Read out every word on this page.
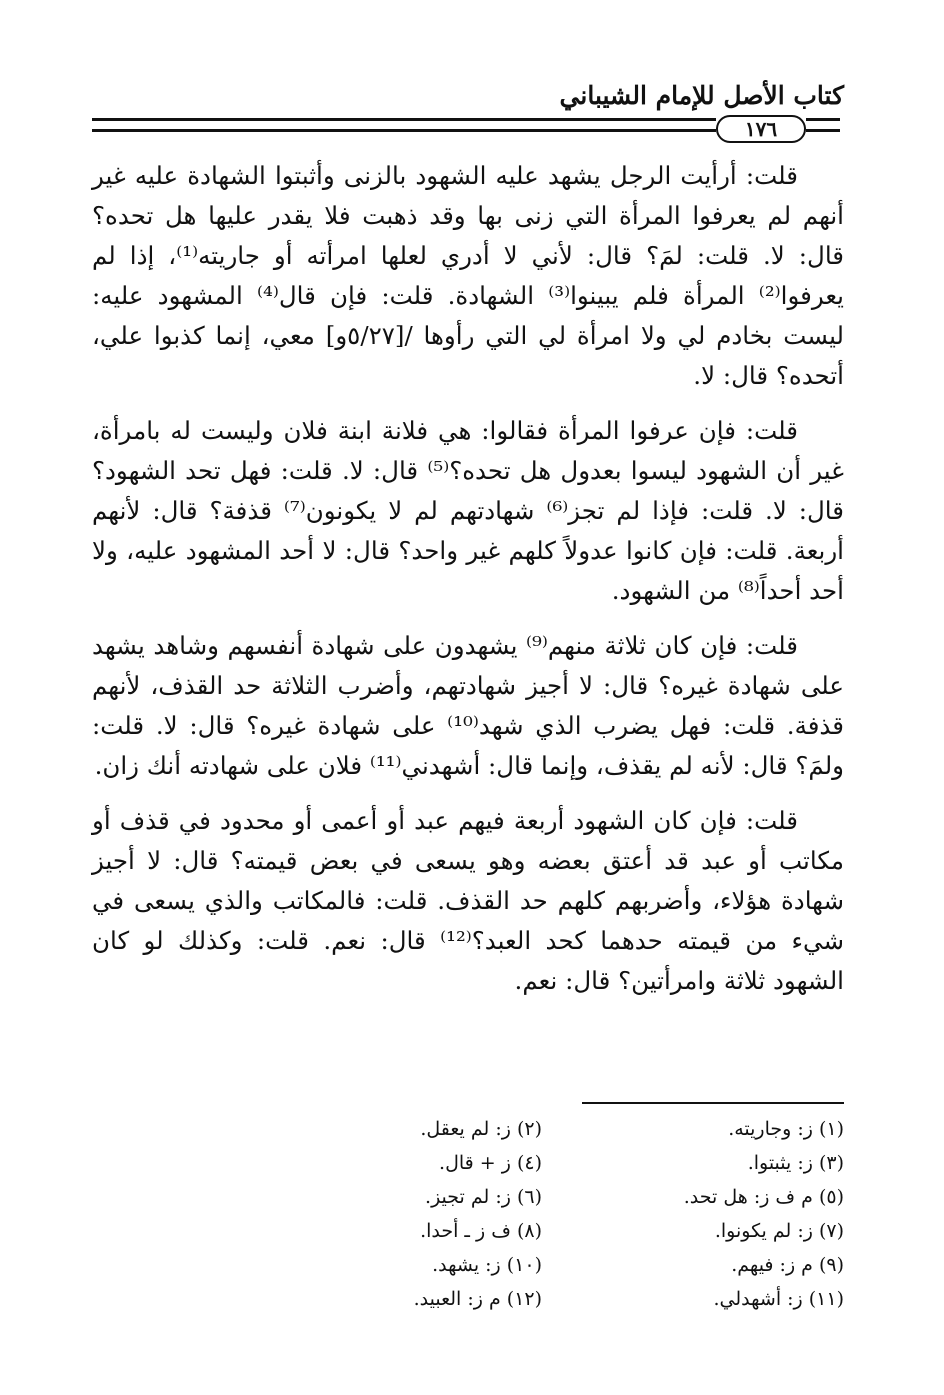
كتاب الأصل للإمام الشيباني
١٧٦

قلت: أرأيت الرجل يشهد عليه الشهود بالزنى وأثبتوا الشهادة عليه غير أنهم لم يعرفوا المرأة التي زنى بها وقد ذهبت فلا يقدر عليها هل تحده؟ قال: لا. قلت: لمَ؟ قال: لأني لا أدري لعلها امرأته أو جاريته⁽¹⁾، إذا لم يعرفوا⁽²⁾ المرأة فلم يبينوا⁽³⁾ الشهادة. قلت: فإن قال⁽⁴⁾ المشهود عليه: ليست بخادم لي ولا امرأة لي التي رأوها /[٥/٢٧و] معي، إنما كذبوا علي، أتحده؟ قال: لا.

قلت: فإن عرفوا المرأة فقالوا: هي فلانة ابنة فلان وليست له بامرأة، غير أن الشهود ليسوا بعدول هل تحده؟⁽⁵⁾ قال: لا. قلت: فهل تحد الشهود؟ قال: لا. قلت: فإذا لم تجز⁽⁶⁾ شهادتهم لم لا يكونون⁽⁷⁾ قذفة؟ قال: لأنهم أربعة. قلت: فإن كانوا عدولاً كلهم غير واحد؟ قال: لا أحد المشهود عليه، ولا أحد أحداً⁽⁸⁾ من الشهود.

قلت: فإن كان ثلاثة منهم⁽⁹⁾ يشهدون على شهادة أنفسهم وشاهد يشهد على شهادة غيره؟ قال: لا أجيز شهادتهم، وأضرب الثلاثة حد القذف، لأنهم قذفة. قلت: فهل يضرب الذي شهد⁽¹⁰⁾ على شهادة غيره؟ قال: لا. قلت: ولمَ؟ قال: لأنه لم يقذف، وإنما قال: أشهدني⁽¹¹⁾ فلان على شهادته أنك زان.

قلت: فإن كان الشهود أربعة فيهم عبد أو أعمى أو محدود في قذف أو مكاتب أو عبد قد أعتق بعضه وهو يسعى في بعض قيمته؟ قال: لا أجيز شهادة هؤلاء، وأضربهم كلهم حد القذف. قلت: فالمكاتب والذي يسعى في شيء من قيمته حدهما كحد العبد؟⁽¹²⁾ قال: نعم. قلت: وكذلك لو كان الشهود ثلاثة وامرأتين؟ قال: نعم.

(١)ز: وجاريته.
(٢)ز: لم يعقل.
(٣)ز: يثبتوا.
(٤)ز + قال.
(٥)م ف ز: هل تحد.
(٦)ز: لم تجيز.
(٧)ز: لم يكونوا.
(٨)ف ز ـ أحدا.
(٩)م ز: فيهم.
(١٠)ز: يشهد.
(١١)ز: أشهدلي.
(١٢)م ز: العبيد.
